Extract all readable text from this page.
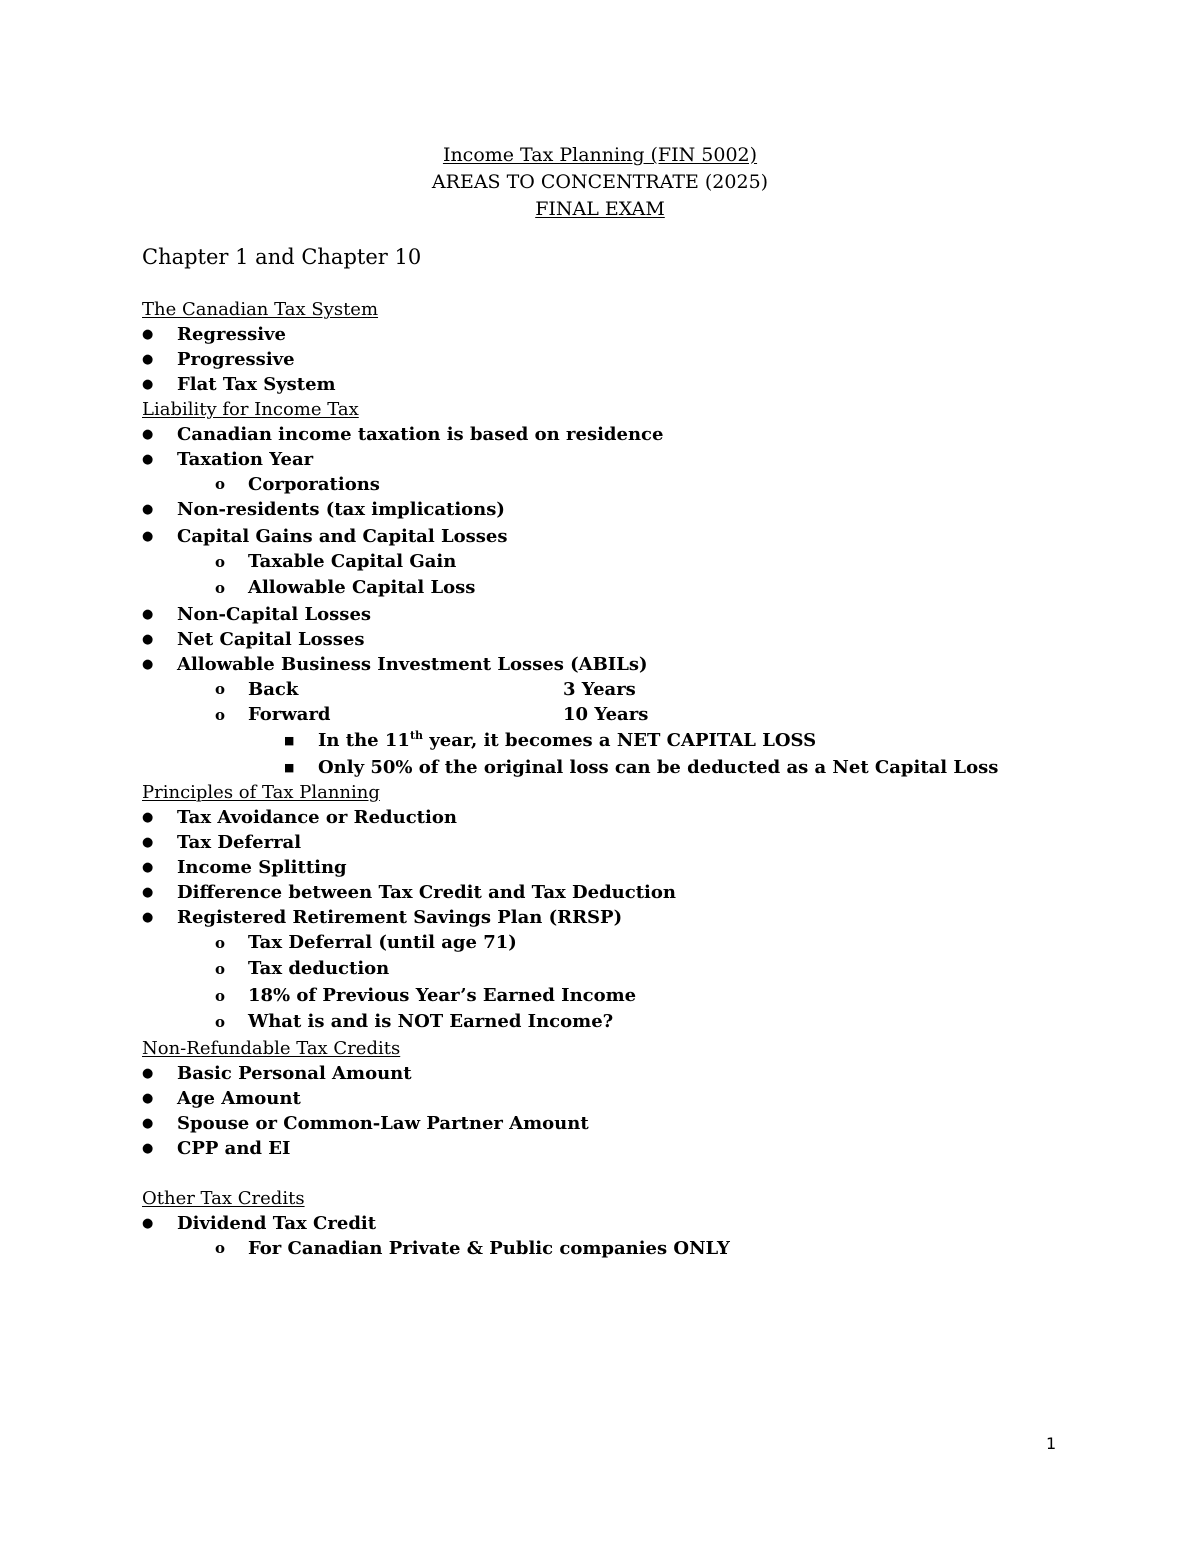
Income Tax Planning (FIN 5002)
AREAS TO CONCENTRATE (2025)
FINAL EXAM
Chapter 1 and Chapter 10
The Canadian Tax System
● Regressive
● Progressive
● Flat Tax System
Liability for Income Tax
● Canadian income taxation is based on residence
● Taxation Year
o Corporations
● Non-residents (tax implications)
● Capital Gains and Capital Losses
o Taxable Capital Gain
o Allowable Capital Loss
● Non-Capital Losses
● Net Capital Losses
● Allowable Business Investment Losses (ABILs)
o Back	3 Years
o Forward	10 Years
■ In the 11th year, it becomes a NET CAPITAL LOSS
■ Only 50% of the original loss can be deducted as a Net Capital Loss
Principles of Tax Planning
● Tax Avoidance or Reduction
● Tax Deferral
● Income Splitting
● Difference between Tax Credit and Tax Deduction
● Registered Retirement Savings Plan (RRSP)
o Tax Deferral (until age 71)
o Tax deduction
o 18% of Previous Year’s Earned Income
o What is and is NOT Earned Income?
Non-Refundable Tax Credits
● Basic Personal Amount
● Age Amount
● Spouse or Common-Law Partner Amount
● CPP and EI
Other Tax Credits
● Dividend Tax Credit
o For Canadian Private & Public companies ONLY
1
